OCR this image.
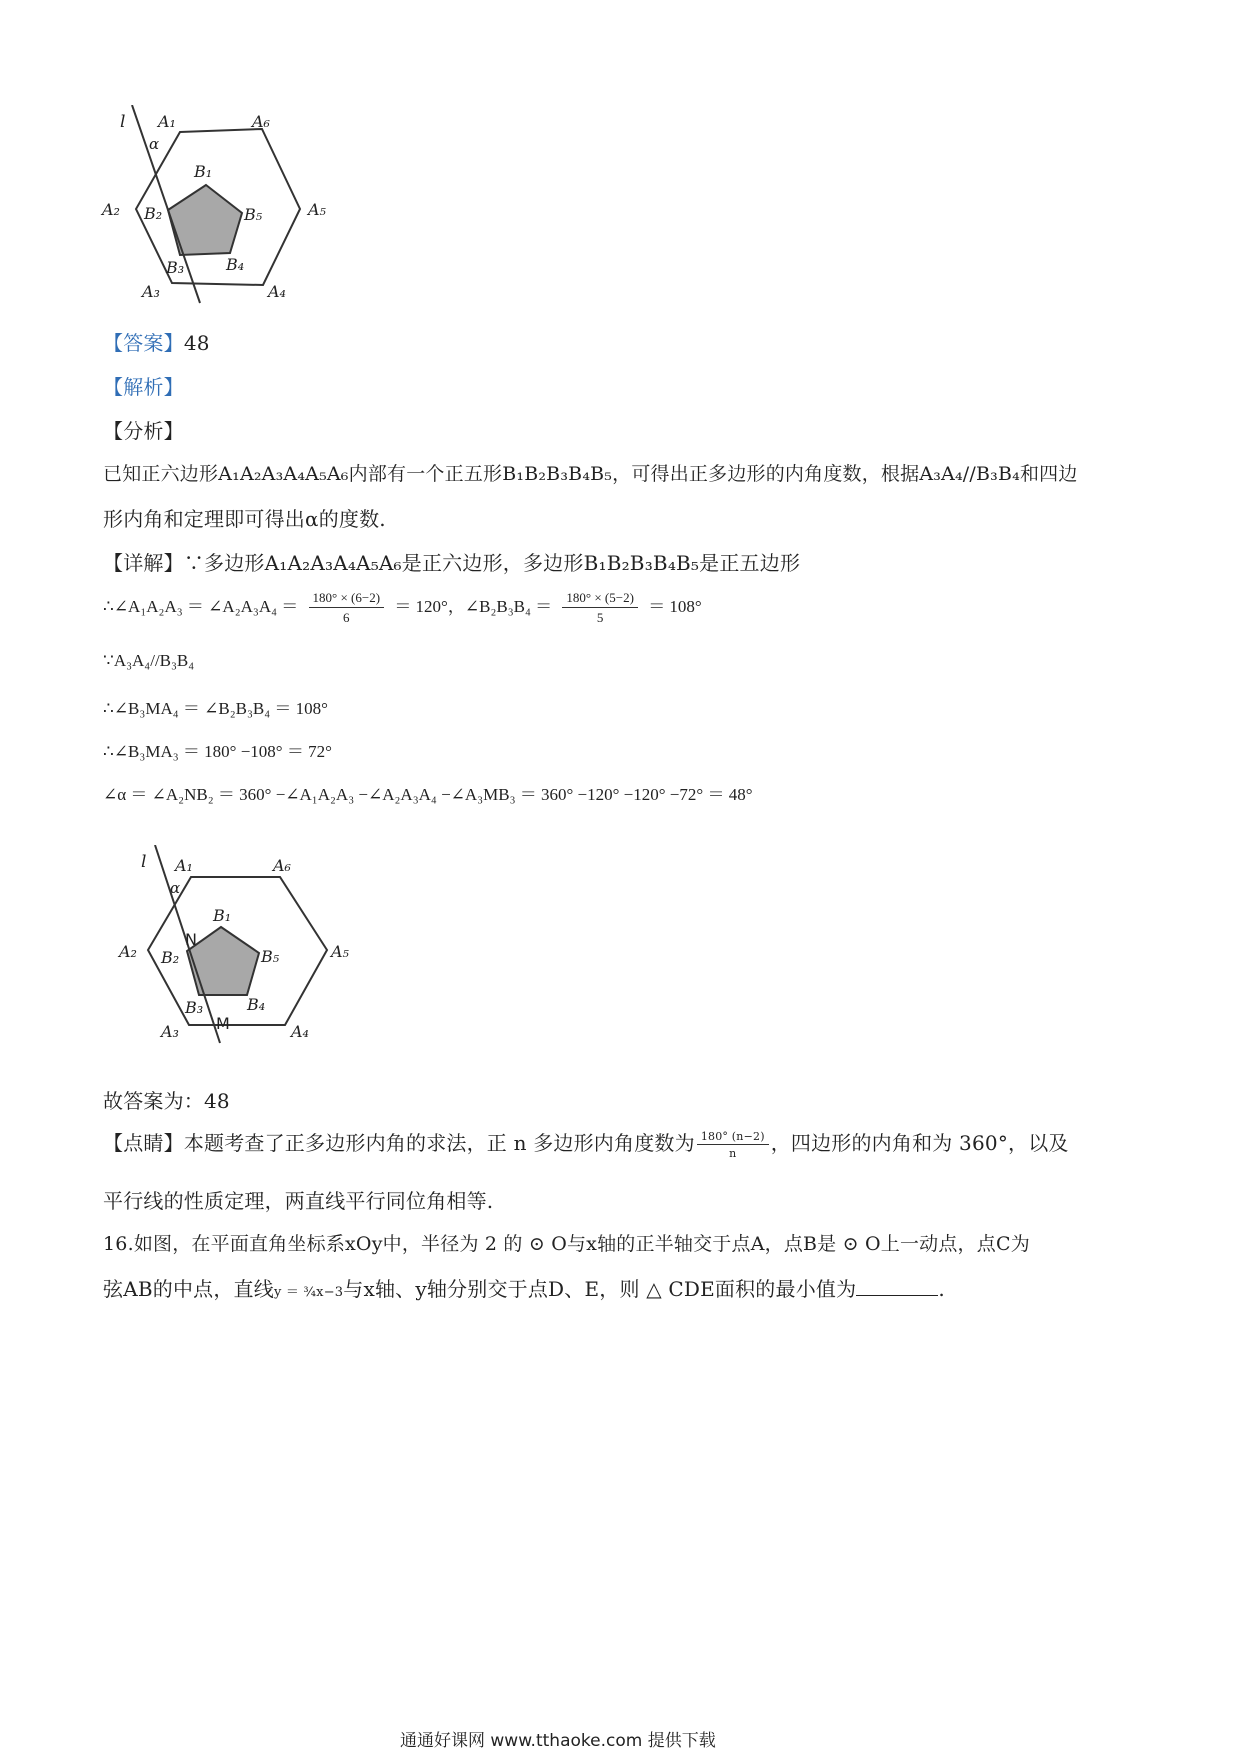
l
α
A₁	A₆
A₂	A₅
A₃	A₄
B₁
B₂	B₅
B₃	B₄
【答案】48
【解析】
【分析】
已知正六边形A₁A₂A₃A₄A₅A₆内部有一个正五形B₁B₂B₃B₄B₅，可得出正多边形的内角度数，根据A₃A₄//B₃B₄和四边
形内角和定理即可得出α的度数.
【详解】∵多边形A₁A₂A₃A₄A₅A₆是正六边形，多边形B₁B₂B₃B₄B₅是正五边形
∴∠A₁A₂A₃ ＝ ∠A₂A₃A₄ ＝ $\frac{180^\circ \times (6-2)}{6} = 120^\circ$，∠B₂B₃B₄ ＝ $\frac{180^\circ \times (5-2)}{5} = 108^\circ$
∵A₃A₄//B₃B₄
∴∠B₃MA₄ ＝ ∠B₂B₃B₄ ＝ 108°
∴∠B₃MA₃ ＝ 180° −108° ＝ 72°
∠α ＝ ∠A₂NB₂ ＝ 360° −∠A₁A₂A₃ −∠A₂A₃A₄ −∠A₃MB₃ ＝ 360° −120° −120° −72° ＝ 48°
l
α
A₁	A₆
A₂	A₅
A₃	A₄
B₁
B₂	B₅
B₃	B₄
N
M
故答案为：48
【点睛】本题考查了正多边形内角的求法，正 n 多边形内角度数为 $\frac{180^\circ (n-2)}{n}$ ，四边形的内角和为 360°，以及
平行线的性质定理，两直线平行同位角相等.
16.如图，在平面直角坐标系xOy中，半径为 2 的 ⊙ O与x轴的正半轴交于点A，点B是 ⊙ O上一动点，点C为
弦AB的中点，直线y ＝ ¾x−3与x轴、y轴分别交于点D、E，则 △ CDE面积的最小值为	.
通通好课网 www.tthaoke.com 提供下载
